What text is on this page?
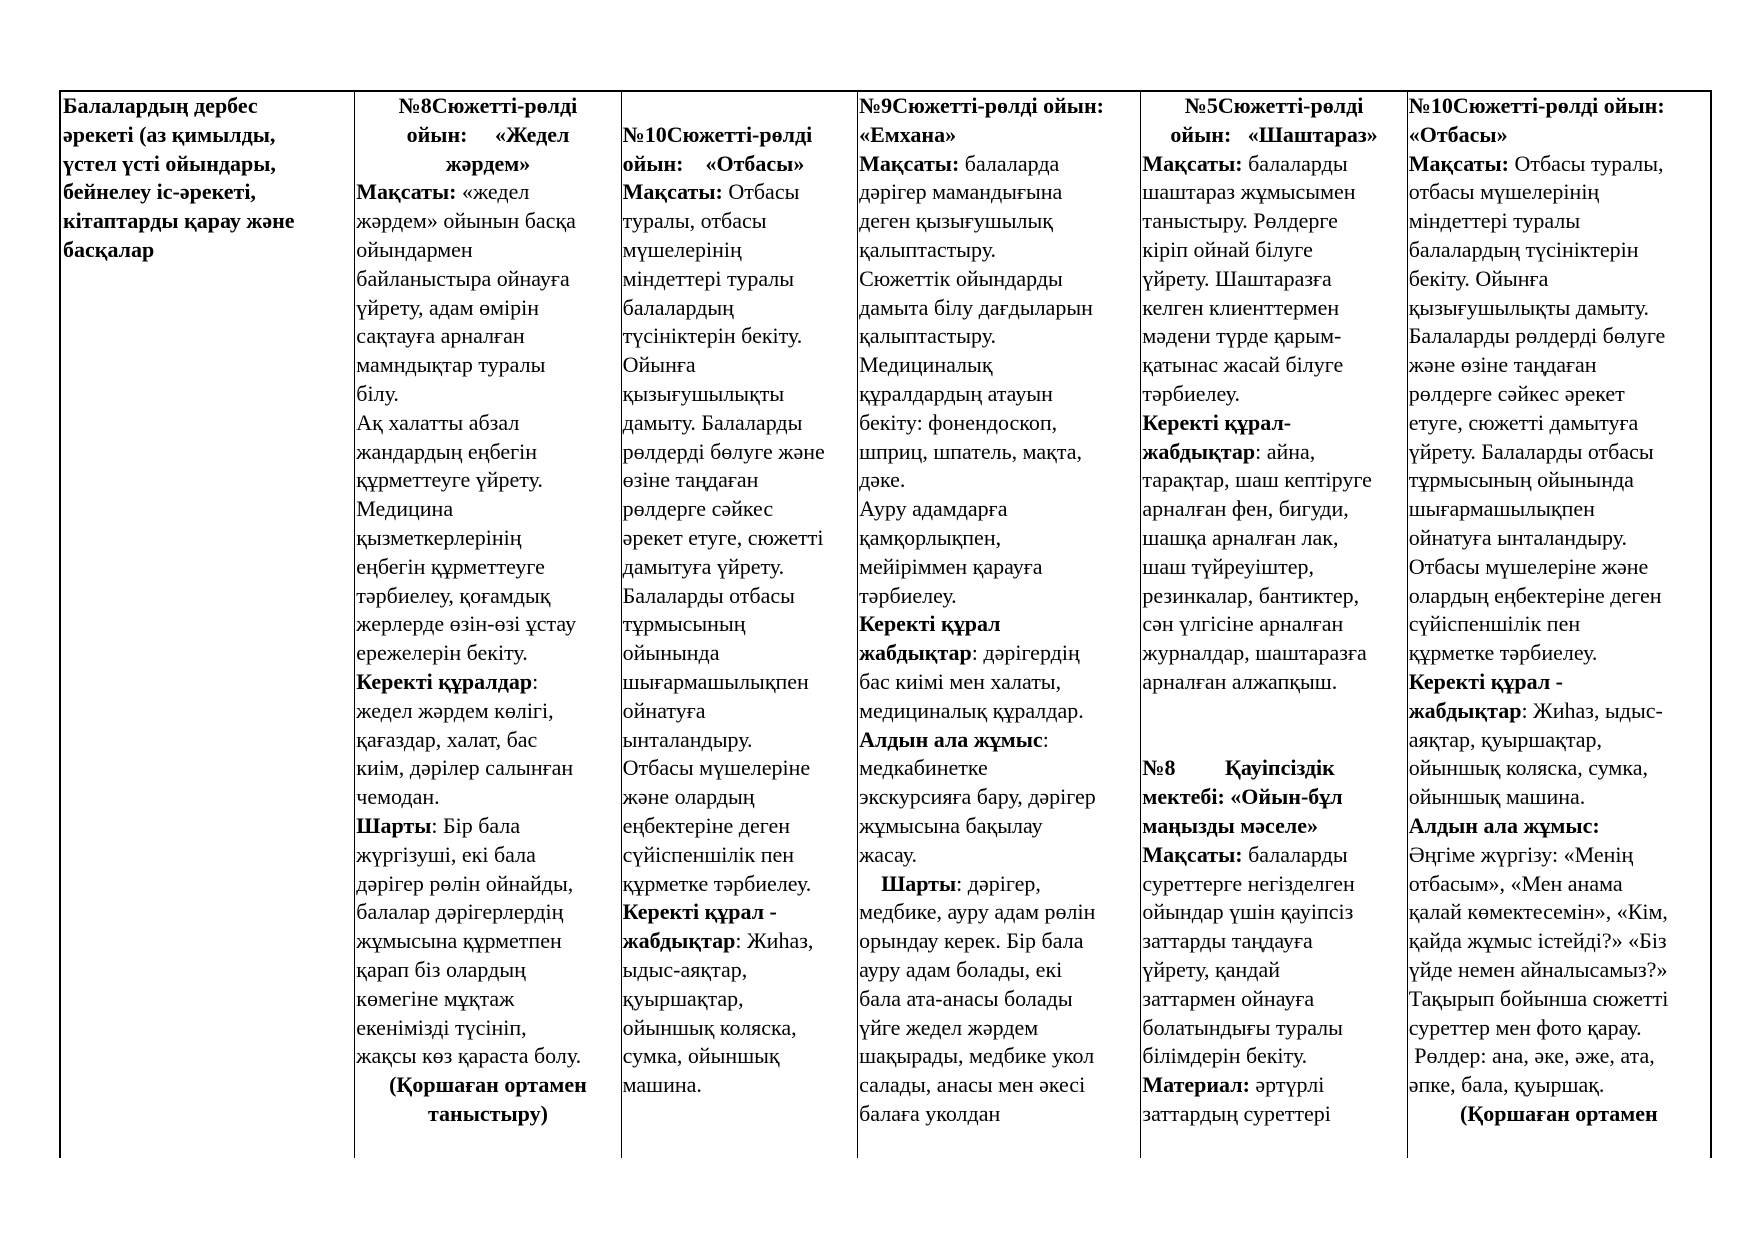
Балалардың дербес

әрекеті (аз қимылды,

үстел үсті ойындары,

бейнелеу іс-әрекеті,

кітаптарды қарау және

басқалар

№8Сюжетті-рөлді

ойын:     «Жедел

жәрдем»

Мақсаты: «жедел

жәрдем» ойынын басқа

ойындармен

байланыстыра ойнауға

үйрету, адам өмірін

сақтауға арналған

мамндықтар туралы

білу.

Ақ халатты абзал

жандардың еңбегін

құрметтеуге үйрету.

Медицина

қызметкерлерінің

еңбегін құрметтеуге

тәрбиелеу, қоғамдық

жерлерде өзін-өзі ұстау

ережелерін бекіту.

Керекті құралдар:

жедел жәрдем көлігі,

қағаздар, халат, бас

киім, дәрілер салынған

чемодан.

Шарты: Бір бала

жүргізуші, екі бала

дәрігер рөлін ойнайды,

балалар дәрігерлердің

жұмысына құрметпен

қарап біз олардың

көмегіне мұқтаж

екенімізді түсініп,

жақсы көз қараста болу.

(Қоршаған ортамен

таныстыру)

№10Сюжетті-рөлді

ойын:    «Отбасы»

Мақсаты: Отбасы

туралы, отбасы

мүшелерінің

міндеттері туралы

балалардың

түсініктерін бекіту.

Ойынға

қызығушылықты

дамыту. Балаларды

рөлдерді бөлуге және

өзіне таңдаған

рөлдерге сәйкес

әрекет етуге, сюжетті

дамытуға үйрету.

Балаларды отбасы

тұрмысының

ойынында

шығармашылықпен

ойнатуға

ынталандыру.

Отбасы мүшелеріне

және олардың

еңбектеріне деген

сүйіспеншілік пен

құрметке тәрбиелеу.

Керекті құрал -

жабдықтар: Жиһаз,

ыдыс-аяқтар,

қуыршақтар,

ойыншық коляска,

сумка, ойыншық

машина.

№9Сюжетті-рөлді ойын:

«Емхана»

Мақсаты: балаларда

дәрігер мамандығына

деген қызығушылық

қалыптастыру.

Сюжеттік ойындарды

дамыта білу дағдыларын

қалыптастыру.

Медициналық

құралдардың атауын

бекіту: фонендоскоп,

шприц, шпатель, мақта,

дәке.

Ауру адамдарға

қамқорлықпен,

мейіріммен қарауға

тәрбиелеу.

Керекті құрал

жабдықтар: дәрігердің

бас киімі мен халаты,

медициналық құралдар.

Алдын ала жұмыс:

медкабинетке

экскурсияға бару, дәрігер

жұмысына бақылау

жасау.

Шарты: дәрігер,

медбике, ауру адам рөлін

орындау керек. Бір бала

ауру адам болады, екі

бала ата-анасы болады

үйге жедел жәрдем

шақырады, медбике укол

салады, анасы мен әкесі

балаға уколдан

№5Сюжетті-рөлді

ойын:   «Шаштараз»

Мақсаты: балаларды

шаштараз жұмысымен

таныстыру. Рөлдерге

кіріп ойнай білуге

үйрету. Шаштаразға

келген клиенттермен

мәдени түрде қарым-

қатынас жасай білуге

тәрбиелеу.

Керекті құрал-

жабдықтар: айна,

тарақтар, шаш кептіруге

арналған фен, бигуди,

шашқа арналған лак,

шаш түйреуіштер,

резинкалар, бантиктер,

сән үлгісіне арналған

журналдар, шаштаразға

арналған алжапқыш.

№8         Қауіпсіздік

мектебі: «Ойын-бұл

маңызды мәселе»

Мақсаты: балаларды

суреттерге негізделген

ойындар үшін қауіпсіз

заттарды таңдауға

үйрету, қандай

заттармен ойнауға

болатындығы туралы

білімдерін бекіту.

Материал: әртүрлі

заттардың суреттері

№10Сюжетті-рөлді ойын:

«Отбасы»

Мақсаты: Отбасы туралы,

отбасы мүшелерінің

міндеттері туралы

балалардың түсініктерін

бекіту. Ойынға

қызығушылықты дамыту.

Балаларды рөлдерді бөлуге

және өзіне таңдаған

рөлдерге сәйкес әрекет

етуге, сюжетті дамытуға

үйрету. Балаларды отбасы

тұрмысының ойынында

шығармашылықпен

ойнатуға ынталандыру.

Отбасы мүшелеріне және

олардың еңбектеріне деген

сүйіспеншілік пен

құрметке тәрбиелеу.

Керекті құрал -

жабдықтар: Жиһаз, ыдыс-

аяқтар, қуыршақтар,

ойыншық коляска, сумка,

ойыншық машина.

Алдын ала жұмыс:

Әңгіме жүргізу: «Менің

отбасым», «Мен анама

қалай көмектесемін», «Кім,

қайда жұмыс істейді?» «Біз

үйде немен айналысамыз?»

Тақырып бойынша сюжетті

суреттер мен фото қарау.

Рөлдер: ана, әке, әже, ата,

әпке, бала, қуыршақ.

(Қоршаған ортамен
